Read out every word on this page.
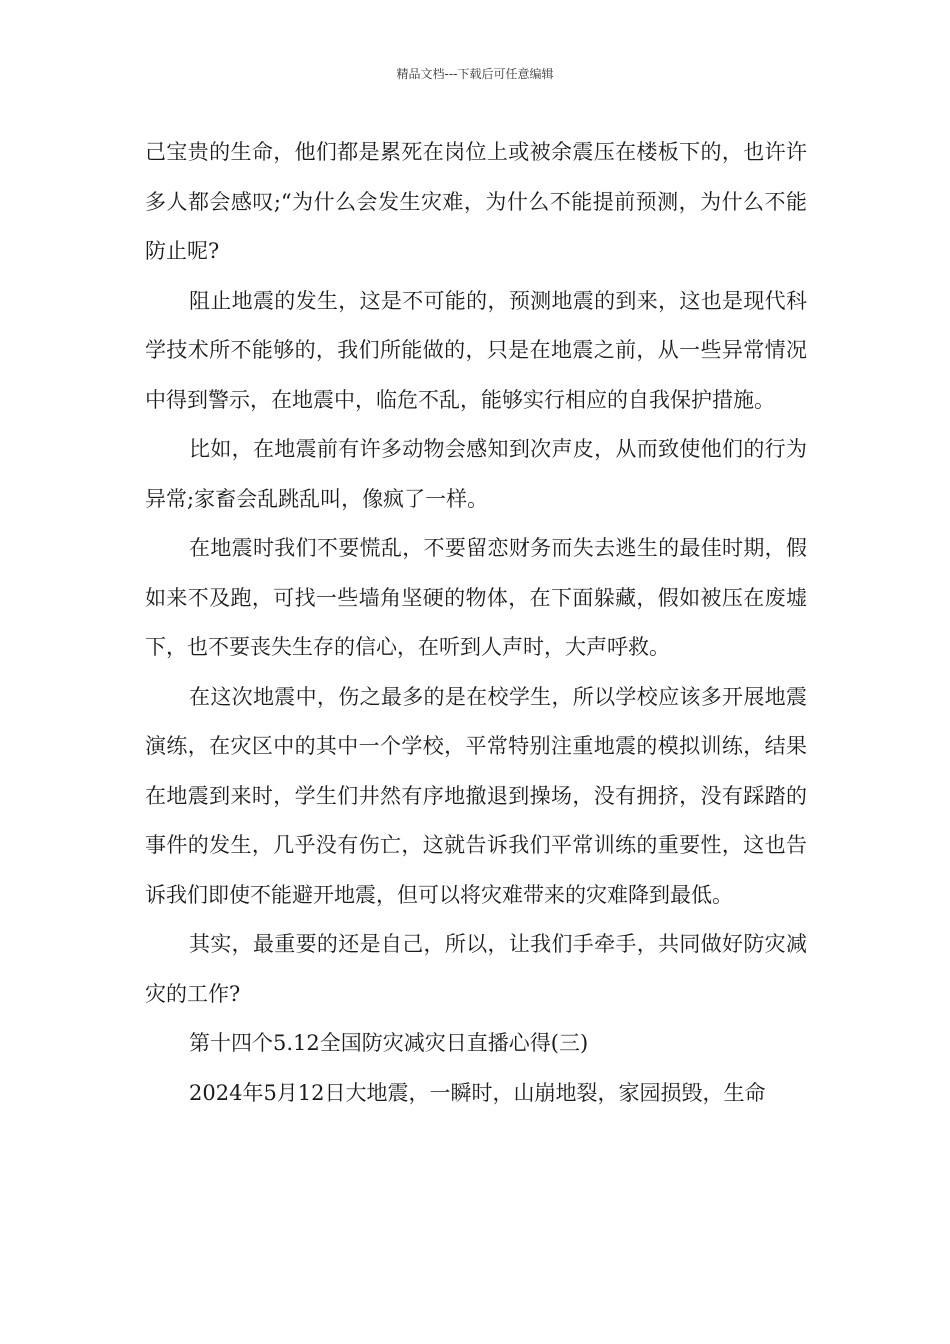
精品文档---下载后可任意编辑

己宝贵的生命，他们都是累死在岗位上或被余震压在楼板下的，也许许多人都会感叹;“为什么会发生灾难，为什么不能提前预测，为什么不能防止呢?

阻止地震的发生，这是不可能的，预测地震的到来，这也是现代科学技术所不能够的，我们所能做的，只是在地震之前，从一些异常情况中得到警示，在地震中，临危不乱，能够实行相应的自我保护措施。

比如，在地震前有许多动物会感知到次声皮，从而致使他们的行为异常;家畜会乱跳乱叫，像疯了一样。

在地震时我们不要慌乱，不要留恋财务而失去逃生的最佳时期，假如来不及跑，可找一些墙角坚硬的物体，在下面躲藏，假如被压在废墟下，也不要丧失生存的信心，在听到人声时，大声呼救。

在这次地震中，伤之最多的是在校学生，所以学校应该多开展地震演练，在灾区中的其中一个学校，平常特别注重地震的模拟训练，结果在地震到来时，学生们井然有序地撤退到操场，没有拥挤，没有踩踏的事件的发生，几乎没有伤亡，这就告诉我们平常训练的重要性，这也告诉我们即使不能避开地震，但可以将灾难带来的灾难降到最低。

其实，最重要的还是自己，所以，让我们手牵手，共同做好防灾减灾的工作?

第十四个5.12全国防灾减灾日直播心得(三)

2024年5月12日大地震，一瞬时，山崩地裂，家园损毁，生命
